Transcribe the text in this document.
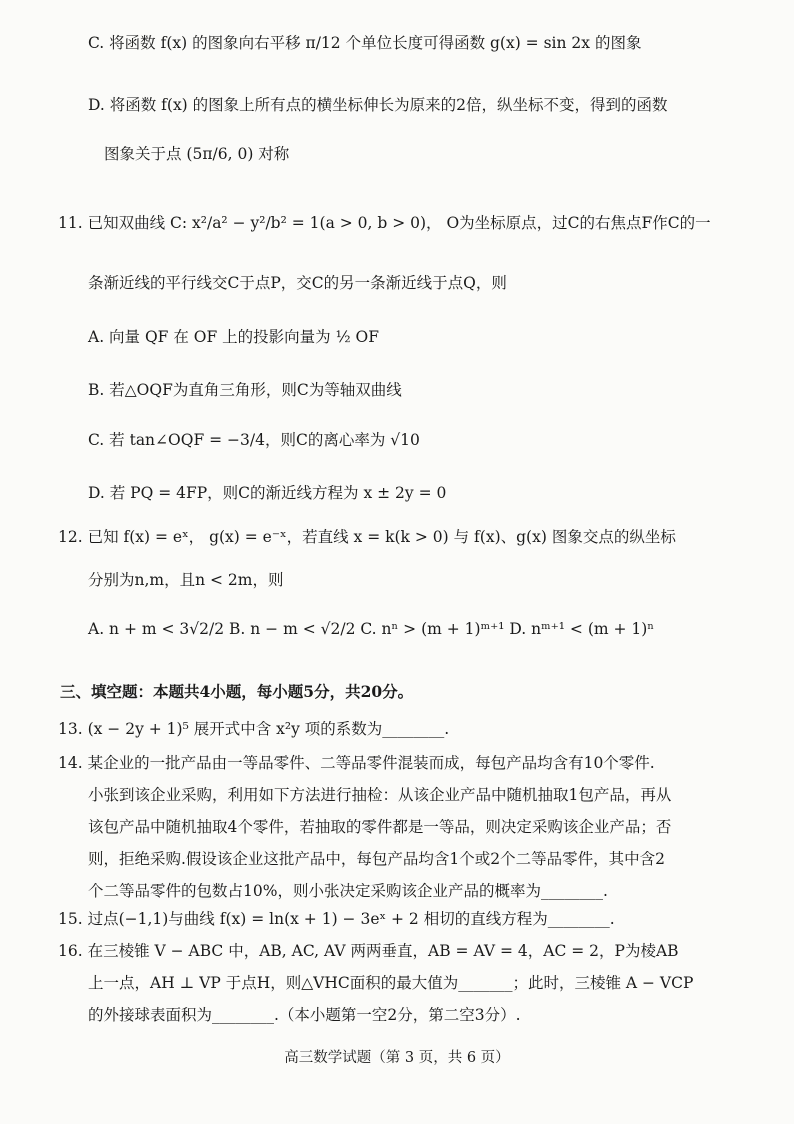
C. 将函数 f(x) 的图象向右平移 π/12 个单位长度可得函数 g(x) = sin 2x 的图象
D. 将函数 f(x) 的图象上所有点的横坐标伸长为原来的2倍，纵坐标不变，得到的函数
图象关于点 (5π/6, 0) 对称
11. 已知双曲线 C: x²/a² − y²/b² = 1(a > 0, b > 0)， O为坐标原点，过C的右焦点F作C的一
条渐近线的平行线交C于点P，交C的另一条渐近线于点Q，则
A. 向量 QF 在 OF 上的投影向量为 ½ OF
B. 若△OQF为直角三角形，则C为等轴双曲线
C. 若 tan∠OQF = −3/4，则C的离心率为 √10
D. 若 PQ = 4FP，则C的渐近线方程为 x ± 2y = 0
12. 已知 f(x) = eˣ， g(x) = e⁻ˣ，若直线 x = k(k > 0) 与 f(x)、g(x) 图象交点的纵坐标
分别为n,m，且n < 2m，则
A. n + m < 3√2/2 B. n − m < √2/2 C. nⁿ > (m + 1)ᵐ⁺¹ D. nᵐ⁺¹ < (m + 1)ⁿ
三、填空题：本题共4小题，每小题5分，共20分。
13. (x − 2y + 1)⁵ 展开式中含 x²y 项的系数为________.
14. 某企业的一批产品由一等品零件、二等品零件混装而成，每包产品均含有10个零件.
小张到该企业采购，利用如下方法进行抽检：从该企业产品中随机抽取1包产品，再从
该包产品中随机抽取4个零件，若抽取的零件都是一等品，则决定采购该企业产品；否
则，拒绝采购.假设该企业这批产品中，每包产品均含1个或2个二等品零件，其中含2
个二等品零件的包数占10%，则小张决定采购该企业产品的概率为________.
15. 过点(−1,1)与曲线 f(x) = ln(x + 1) − 3eˣ + 2 相切的直线方程为________.
16. 在三棱锥 V − ABC 中，AB, AC, AV 两两垂直，AB = AV = 4，AC = 2，P为棱AB
上一点，AH ⊥ VP 于点H，则△VHC面积的最大值为_______；此时，三棱锥 A − VCP
的外接球表面积为________.（本小题第一空2分，第二空3分）.
高三数学试题（第 3 页，共 6 页）
